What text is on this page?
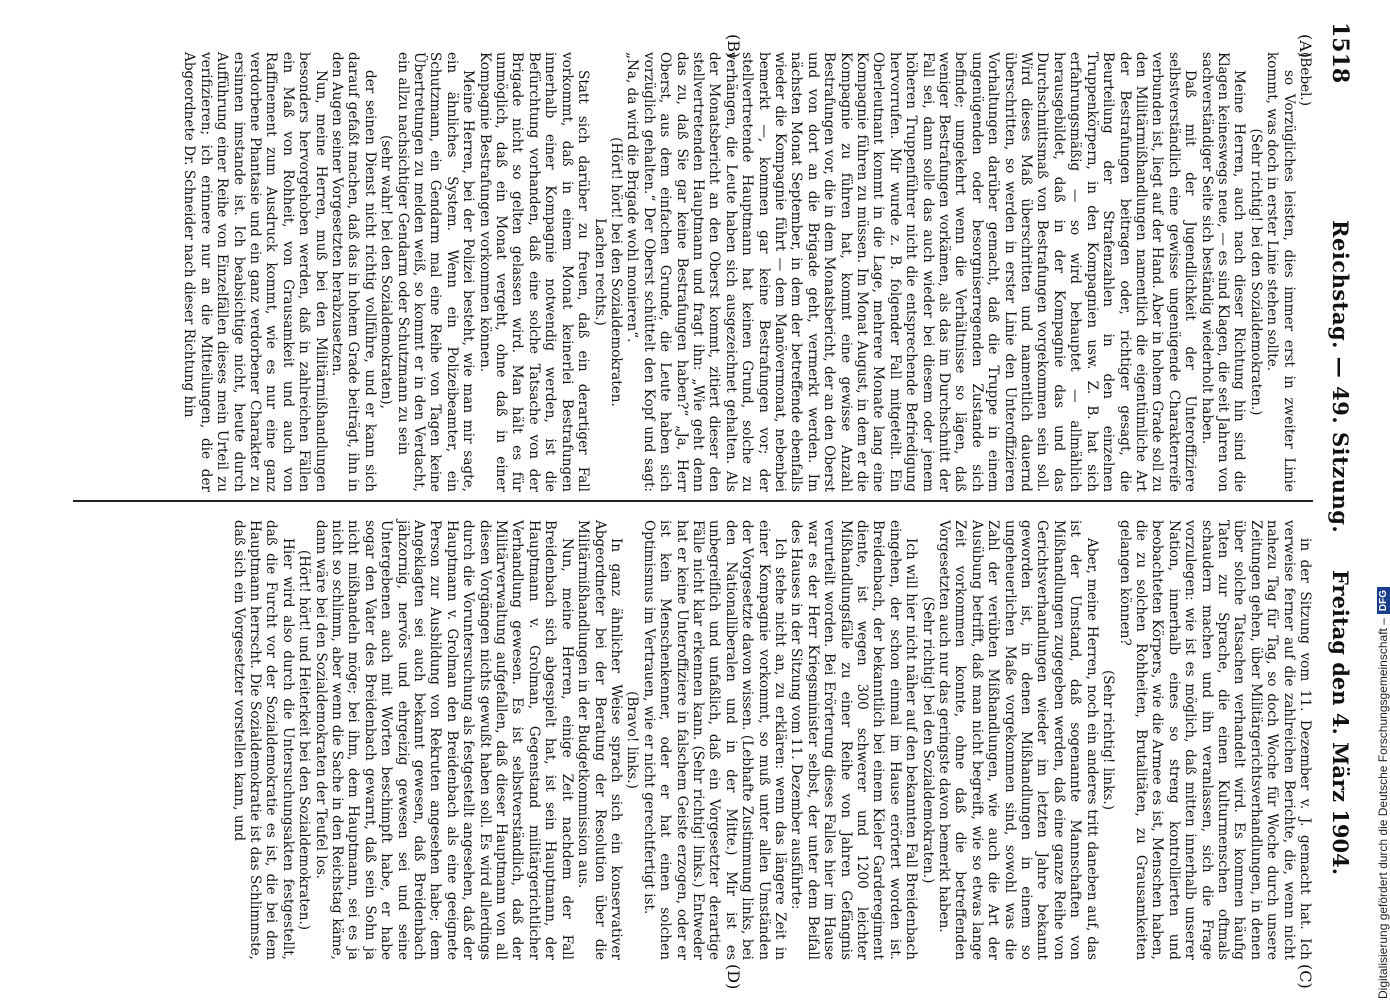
1518
Reichstag. — 49. Sitzung.
Freitag den 4. März 1904.
(A)
(B)
(C)
(D)

(Bebel.)

so Vorzügliches leisten, dies immer erst in zweiter Linie kommt, was doch in erster Linie stehen sollte.

(Sehr richtig! bei den Sozialdemokraten.)

Meine Herren, auch nach dieser Richtung hin sind die Klagen keineswegs neue, — es sind Klagen, die seit Jahren von sachverständiger Seite sich beständig wiederholt haben.

Daß mit der Jugendlichkeit der Unteroffiziere selbstverständlich eine gewisse ungenügende Charakterreife verbunden ist, liegt auf der Hand. Aber in hohem Grade soll zu den Militärmißhandlungen namentlich die eigentümliche Art der Bestrafungen beitragen oder, richtiger gesagt, die Beurteilung der Strafenzahlen in den einzelnen Truppenkörpern, in den Kompagnien usw. Z. B. hat sich erfahrungsmäßig — so wird behauptet — allmählich herausgebildet, daß in der Kompagnie das und das Durchschnittsmaß von Bestrafungen vorgekommen sein soll. Wird dieses Maß überschritten und namentlich dauernd überschritten, so werden in erster Linie den Unteroffizieren Vorhaltungen darüber gemacht, daß die Truppe in einem ungenügenden oder besorgniserregenden Zustande sich befinde; umgekehrt wenn die Verhältnisse so lägen, daß weniger Bestrafungen vorkämen, als das im Durchschnitt der Fall sei, dann solle das auch wieder bei diesem oder jenem höheren Truppenführer nicht die entsprechende Befriedigung hervorrufen. Mir wurde z. B. folgender Fall mitgeteilt. Ein Oberleutnant kommt in die Lage, mehrere Monate lang eine Kompagnie führen zu müssen. Im Monat August, in dem er die Kompagnie zu führen hat, kommt eine gewisse Anzahl Bestrafungen vor, die in dem Monatsbericht, der an den Oberst und von dort an die Brigade geht, vermerkt werden. Im nächsten Monat September, in dem der betreffende ebenfalls wieder die Kompagnie führt — dem Manövermonat, nebenbei bemerkt —, kommen gar keine Bestrafungen vor; der stellvertretende Hauptmann hat keinen Grund, solche zu verhängen, die Leute haben sich ausgezeichnet gehalten. Als der Monatsbericht an den Oberst kommt, zitiert dieser den stellvertretenden Hauptmann und fragt ihn: „Wie geht denn das zu, daß Sie gar keine Bestrafungen haben?“ „Ja, Herr Oberst, aus dem einfachen Grunde, die Leute haben sich vorzüglich gehalten.“ Der Oberst schüttelt den Kopf und sagt: „Na, da wird die Brigade wohl monieren“.

(Hört! hört! bei den Sozialdemokraten.

Lachen rechts.)

Statt sich darüber zu freuen, daß ein derartiger Fall vorkommt, daß in einem Monat keinerlei Bestrafungen innerhalb einer Kompagnie notwendig werden, ist die Befürchtung vorhanden, daß eine solche Tatsache von der Brigade nicht so gelten gelassen wird. Man hält es für unmöglich, daß ein Monat vergeht, ohne daß in einer Kompagnie Bestrafungen vorkommen können.

Meine Herren, bei der Polizei besteht, wie man mir sagte, ein ähnliches System. Wenn ein Polizeibeamter, ein Schutzmann, ein Gendarm mal eine Reihe von Tagen keine Übertretungen zu melden weiß, so kommt er in den Verdacht, ein allzu nachsichtiger Gendarm oder Schutzmann zu sein

(sehr wahr! bei den Sozialdemokraten),

der seinen Dienst nicht richtig vollführe, und er kann sich darauf gefaßt machen, daß das in hohem Grade beiträgt, ihn in den Augen seiner Vorgesetzten herabzusetzen.

Nun, meine Herren, muß bei den Militärmißhandlungen besonders hervorgehoben werden, daß in zahlreichen Fällen ein Maß von Rohheit, von Grausamkeit und auch von Raffinement zum Ausdruck kommt, wie es nur eine ganz verdorbene Phantasie und ein ganz verdorbener Charakter zu ersinnen imstande ist. Ich beabsichtige nicht, heute durch Aufführung einer Reihe von Einzelfällen dieses mein Urteil zu verifizieren; ich erinnere nur an die Mitteilungen, die der Abgeordnete Dr. Schneider nach dieser Richtung hin

in der Sitzung vom 11. Dezember v. J. gemacht hat. Ich verweise ferner auf die zahlreichen Berichte, die, wenn nicht nahezu Tag für Tag, so doch Woche für Woche durch unsere Zeitungen gehen, über Militärgerichtsverhandlungen, in denen über solche Tatsachen verhandelt wird. Es kommen häufig Taten zur Sprache, die einen Kulturmenschen oftmals schaudern machen und ihn veranlassen, sich die Frage vorzulegen: wie ist es möglich, daß mitten innerhalb unserer Nation, innerhalb eines so streng kontrollierten und beobachteten Körpers, wie die Armee es ist, Menschen haben, die zu solchen Rohheiten, Brutalitäten, zu Grausamkeiten gelangen können?

(Sehr richtig! links.)

Aber, meine Herren, noch ein anderes tritt daneben auf, das ist der Umstand, daß sogenannte Mannschaften von Mißhandlungen zugegeben werden, daß eine ganze Reihe von Gerichtsverhandlungen wieder im letzten Jahre bekannt geworden ist, in denen Mißhandlungen in einem so ungeheuerlichen Maße vorgekommen sind, sowohl was die Zahl der verübten Mißhandlungen, wie auch die Art der Ausübung betrifft, daß man nicht begreift, wie so etwas lange Zeit vorkommen konnte, ohne daß die betreffenden Vorgesetzten auch nur das geringste davon bemerkt haben.

(Sehr richtig! bei den Sozialdemokraten.)

Ich will hier nicht näher auf den bekannten Fall Breidenbach eingehen, der schon einmal im Hause erörtert worden ist. Breidenbach, der bekanntlich bei einem Kieler Garderegiment diente, ist wegen 300 schwerer und 1200 leichter Mißhandlungsfälle zu einer Reihe von Jahren Gefängnis verurteilt worden. Bei Erörterung dieses Falles hier im Hause war es der Herr Kriegsminister selbst, der unter dem Beifall des Hauses in der Sitzung vom 11. Dezember ausführte:

Ich stehe nicht an, zu erklären: wenn das längere Zeit in einer Kompagnie vorkommt, so muß unter allen Umständen der Vorgesetzte davon wissen. (Lebhafte Zustimmung links, bei den Nationalliberalen und in der Mitte.) Mir ist es unbegreiflich und unfaßlich, daß ein Vorgesetzter derartige Fälle nicht klar erkennen kann. (Sehr richtig! links.) Entweder hat er keine Unteroffiziere in falschem Geiste erzogen, oder er ist kein Menschenkenner, oder er hat einen solchen Optimismus im Vertrauen, wie er nicht gerechtfertigt ist.

(Bravo! links.)

In ganz ähnlicher Weise sprach sich ein konservativer Abgeordneter bei der Beratung der Resolution über die Militärmißhandlungen in der Budgetkommission aus.

Nun, meine Herren, einige Zeit nachdem der Fall Breidenbach sich abgespielt hat, ist sein Hauptmann, der Hauptmann v. Grolman, Gegenstand militärgerichtlicher Verhandlung gewesen. Es ist selbstverständlich, daß der Militärverwaltung aufgefallen, daß dieser Hauptmann von all diesen Vorgängen nichts gewußt haben soll. Es wird allerdings durch die Voruntersuchung als festgestellt angesehen, daß der Hauptmann v. Grolman den Breidenbach als eine geeignete Person zur Ausbildung von Rekruten angesehen habe; dem Angeklagten sei auch bekannt gewesen, daß Breidenbach jähzornig, nervös und ehrgeizig gewesen sei und seine Untergebenen auch mit Worten beschimpft habe, er habe sogar den Vater des Breidenbach gewarnt, daß sein Sohn ja nicht mißhandeln möge; bei ihm, dem Hauptmann, sei es ja nicht so schlimm, aber wenn die Sache in den Reichstag käme, dann wäre bei den Sozialdemokraten der Teufel los.

(Hört! hört! und Heiterkeit bei den Sozialdemokraten.)

Hier wird also durch die Untersuchungsakten festgestellt, daß die Furcht vor der Sozialdemokratie es ist, die bei dem Hauptmann herrscht. Die Sozialdemokratie ist das Schlimmste, daß sich ein Vorgesetzter vorstellen kann, und	Digitalisierung gefördert durch die Deutsche Forschungsgemeinschaft –
DFG
